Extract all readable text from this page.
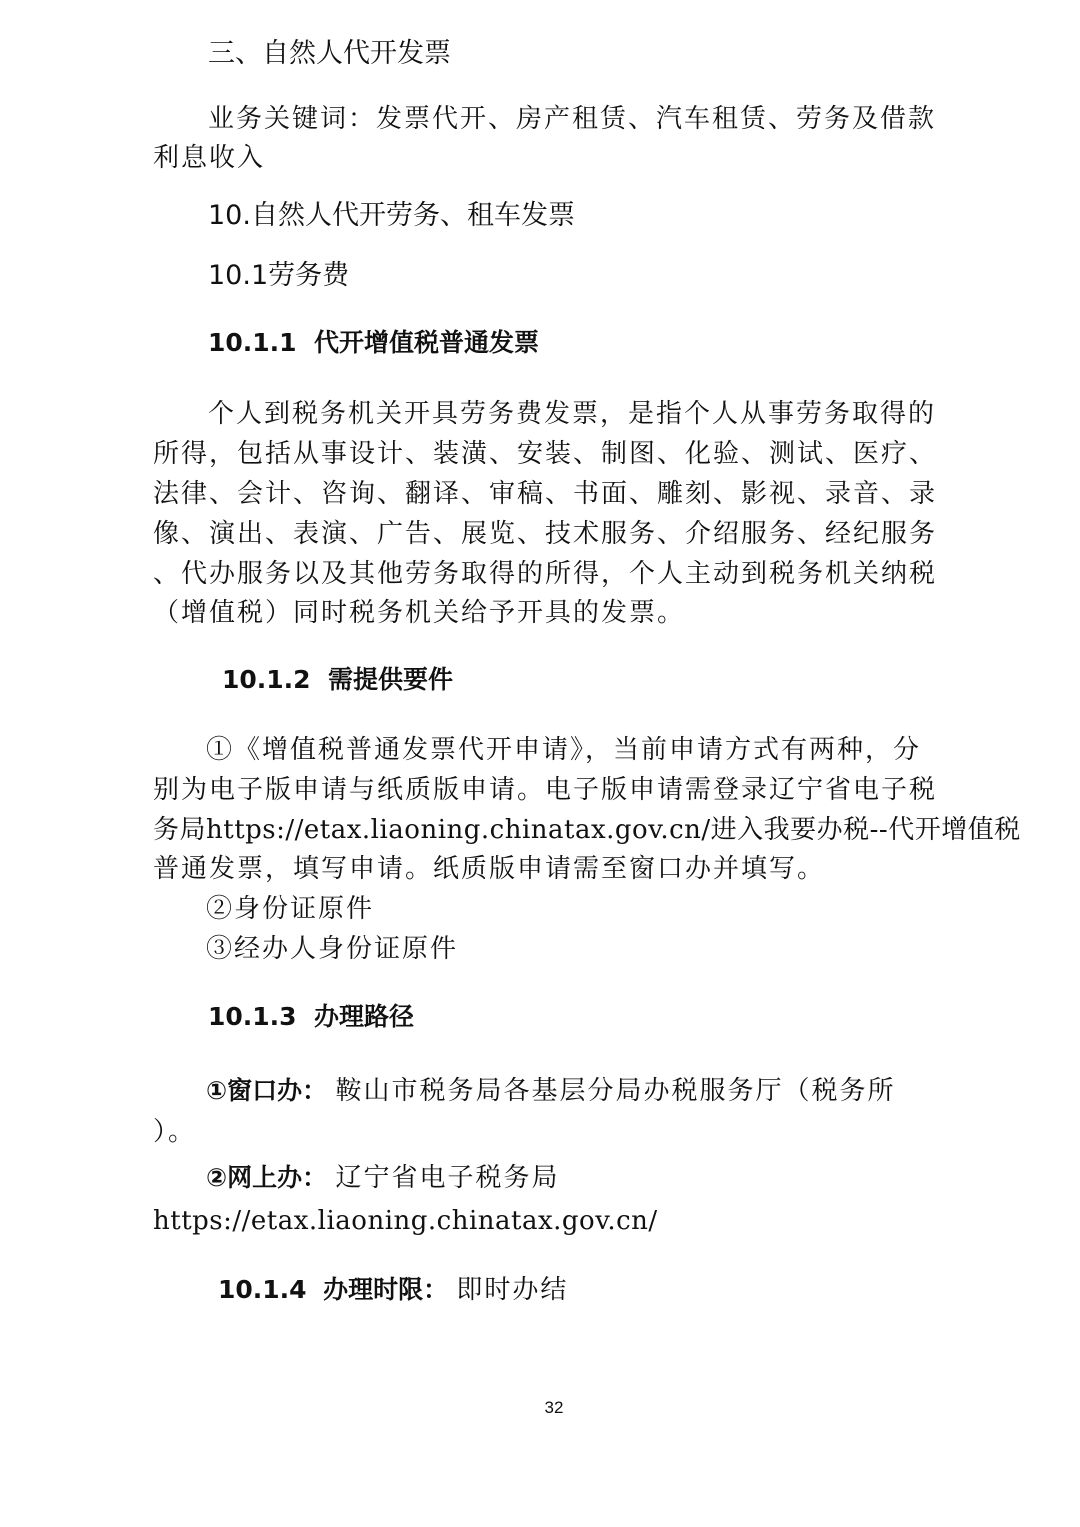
三、自然人代开发票
业务关键词：发票代开、房产租赁、汽车租赁、劳务及借款
利息收入
10.自然人代开劳务、租车发票
10.1劳务费
10.1.1 代开增值税普通发票
个人到税务机关开具劳务费发票，是指个人从事劳务取得的
所得，包括从事设计、装潢、安装、制图、化验、测试、医疗、
法律、会计、咨询、翻译、审稿、书面、雕刻、影视、录音、录
像、演出、表演、广告、展览、技术服务、介绍服务、经纪服务
、代办服务以及其他劳务取得的所得，个人主动到税务机关纳税
（增值税）同时税务机关给予开具的发票。
10.1.2 需提供要件
①《增值税普通发票代开申请》，当前申请方式有两种，分
别为电子版申请与纸质版申请。电子版申请需登录辽宁省电子税
务局https://etax.liaoning.chinatax.gov.cn/进入我要办税--代开增值税
普通发票，填写申请。纸质版申请需至窗口办并填写。
②身份证原件
③经办人身份证原件
10.1.3 办理路径
①窗口办： 鞍山市税务局各基层分局办税服务厅（税务所
）。
②网上办： 辽宁省电子税务局
https://etax.liaoning.chinatax.gov.cn/
10.1.4 办理时限： 即时办结
32
